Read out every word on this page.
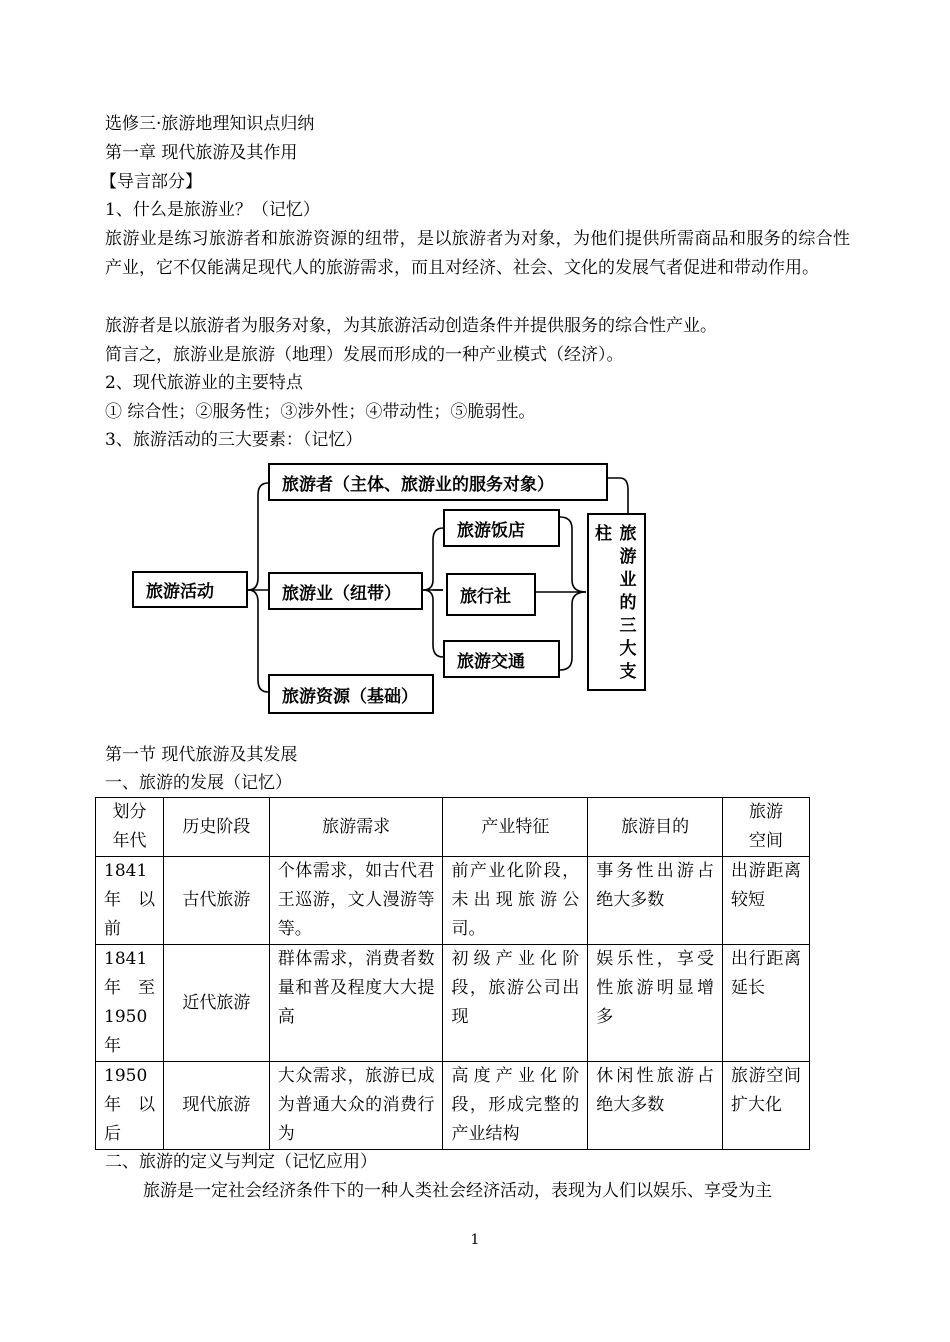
选修三·旅游地理知识点归纳
第一章 现代旅游及其作用
【导言部分】
1、什么是旅游业？（记忆）
旅游业是练习旅游者和旅游资源的纽带，是以旅游者为对象，为他们提供所需商品和服务的综合性产业，它不仅能满足现代人的旅游需求，而且对经济、社会、文化的发展气者促进和带动作用。
旅游者是以旅游者为服务对象，为其旅游活动创造条件并提供服务的综合性产业。
简言之，旅游业是旅游（地理）发展而形成的一种产业模式（经济）。
2、现代旅游业的主要特点
① 综合性；②服务性；③涉外性；④带动性；⑤脆弱性。
3、旅游活动的三大要素：（记忆）
旅游活动
旅游者（主体、旅游业的服务对象）
旅游业（纽带）
旅游资源（基础）
旅游饭店
旅行社
旅游交通
柱 旅游业的三大支
第一节 现代旅游及其发展
一、旅游的发展（记忆）
划分年代	历史阶段	旅游需求	产业特征	旅游目的	旅游空间
1841年以前	古代旅游	个体需求，如古代君王巡游，文人漫游等等。	前产业化阶段，未出现旅游公司。	事务性出游占绝大多数	出游距离较短
1841年至1950年	近代旅游	群体需求，消费者数量和普及程度大大提高	初级产业化阶段，旅游公司出现	娱乐性，享受性旅游明显增多	出行距离延长
1950年以后	现代旅游	大众需求，旅游已成为普通大众的消费行为	高度产业化阶段，形成完整的产业结构	休闲性旅游占绝大多数	旅游空间扩大化
二、旅游的定义与判定（记忆应用）
旅游是一定社会经济条件下的一种人类社会经济活动，表现为人们以娱乐、享受为主
1
